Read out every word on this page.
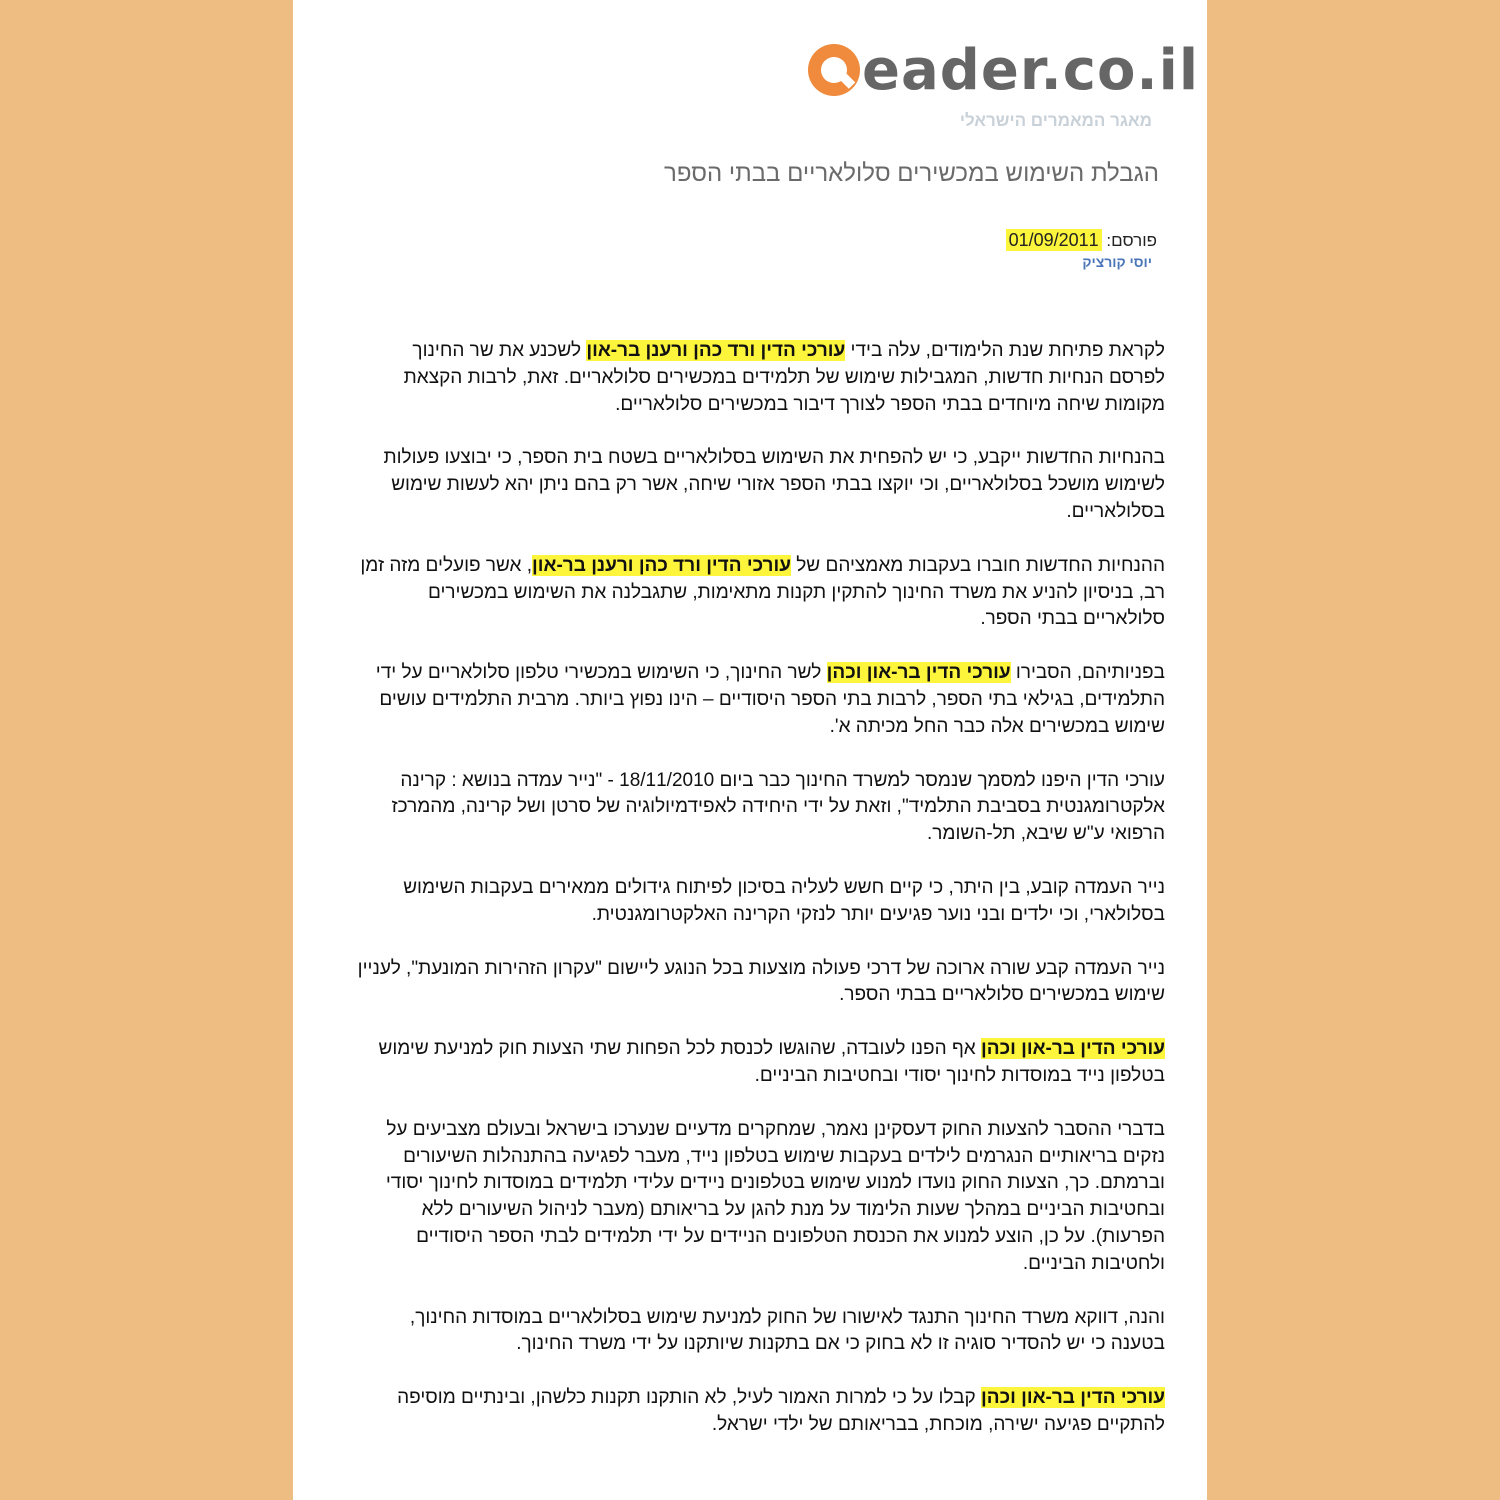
eader.co.il
מאגר המאמרים הישראלי
הגבלת השימוש במכשירים סלולאריים בבתי הספר
פורסם: 01/09/2011
יוסי קורציק

לקראת פתיחת שנת הלימודים, עלה בידי עורכי הדין ורד כהן ורענן בר-און לשכנע את שר החינוך לפרסם הנחיות חדשות, המגבילות שימוש של תלמידים במכשירים סלולאריים. זאת, לרבות הקצאת מקומות שיחה מיוחדים בבתי הספר לצורך דיבור במכשירים סלולאריים.

בהנחיות החדשות ייקבע, כי יש להפחית את השימוש בסלולאריים בשטח בית הספר, כי יבוצעו פעולות לשימוש מושכל בסלולאריים, וכי יוקצו בבתי הספר אזורי שיחה, אשר רק בהם ניתן יהא לעשות שימוש בסלולאריים.

ההנחיות החדשות חוברו בעקבות מאמציהם של עורכי הדין ורד כהן ורענן בר-און, אשר פועלים מזה זמן רב, בניסיון להניע את משרד החינוך להתקין תקנות מתאימות, שתגבלנה את השימוש במכשירים סלולאריים בבתי הספר.

בפניותיהם, הסבירו עורכי הדין בר-און וכהן לשר החינוך, כי השימוש במכשירי טלפון סלולאריים על ידי התלמידים, בגילאי בתי הספר, לרבות בתי הספר היסודיים – הינו נפוץ ביותר. מרבית התלמידים עושים שימוש במכשירים אלה כבר החל מכיתה א'.

עורכי הדין היפנו למסמך שנמסר למשרד החינוך כבר ביום 18/11/2010 - "נייר עמדה בנושא : קרינה אלקטרומגנטית בסביבת התלמיד", וזאת על ידי היחידה לאפידמיולוגיה של סרטן ושל קרינה, מהמרכז הרפואי ע"ש שיבא, תל-השומר.

נייר העמדה קובע, בין היתר, כי קיים חשש לעליה בסיכון לפיתוח גידולים ממאירים בעקבות השימוש בסלולארי, וכי ילדים ובני נוער פגיעים יותר לנזקי הקרינה האלקטרומגנטית.

נייר העמדה קבע שורה ארוכה של דרכי פעולה מוצעות בכל הנוגע ליישום "עקרון הזהירות המונעת", לעניין שימוש במכשירים סלולאריים בבתי הספר.

עורכי הדין בר-און וכהן אף הפנו לעובדה, שהוגשו לכנסת לכל הפחות שתי הצעות חוק למניעת שימוש בטלפון נייד במוסדות לחינוך יסודי ובחטיבות הביניים.

בדברי ההסבר להצעות החוק דעסקינן נאמר, שמחקרים מדעיים שנערכו בישראל ובעולם מצביעים על נזקים בריאותיים הנגרמים לילדים בעקבות שימוש בטלפון נייד, מעבר לפגיעה בהתנהלות השיעורים וברמתם. כך, הצעות החוק נועדו למנוע שימוש בטלפונים ניידים עלידי תלמידים במוסדות לחינוך יסודי ובחטיבות הביניים במהלך שעות הלימוד על מנת להגן על בריאותם (מעבר לניהול השיעורים ללא הפרעות). על כן, הוצע למנוע את הכנסת הטלפונים הניידים על ידי תלמידים לבתי הספר היסודיים ולחטיבות הביניים.

והנה, דווקא משרד החינוך התנגד לאישורו של החוק למניעת שימוש בסלולאריים במוסדות החינוך, בטענה כי יש להסדיר סוגיה זו לא בחוק כי אם בתקנות שיותקנו על ידי משרד החינוך.

עורכי הדין בר-און וכהן קבלו על כי למרות האמור לעיל, לא הותקנו תקנות כלשהן, ובינתיים מוסיפה להתקיים פגיעה ישירה, מוכחת, בבריאותם של ילדי ישראל.
